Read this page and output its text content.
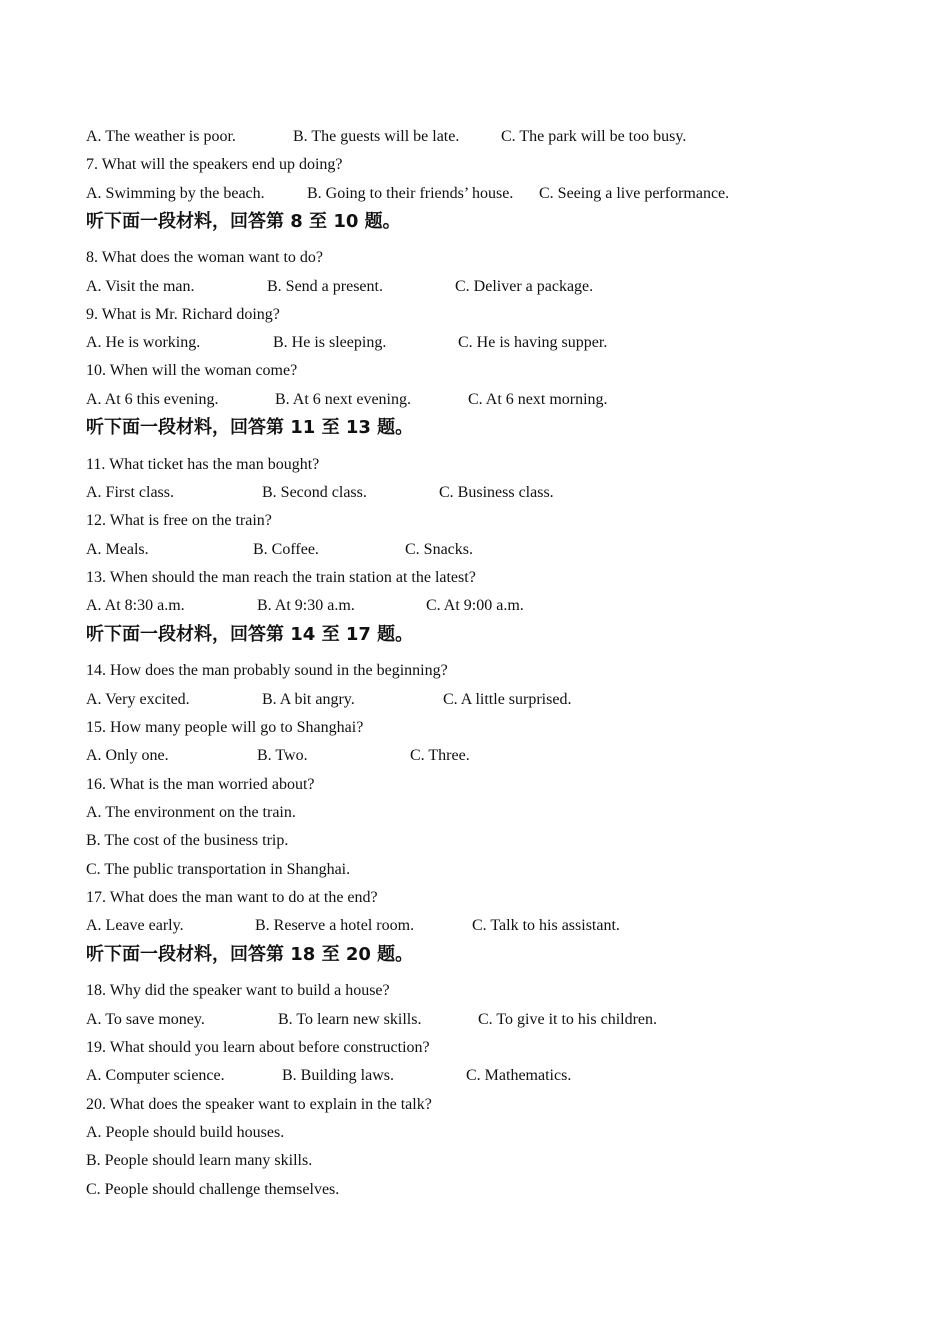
A. The weather is poor.	B. The guests will be late.	C. The park will be too busy.
7. What will the speakers end up doing?
A. Swimming by the beach.	B. Going to their friends’ house. C. Seeing a live performance.
听下面一段材料，回答第 8 至 10 题。
8. What does the woman want to do?
A. Visit the man.	B. Send a present.	C. Deliver a package.
9. What is Mr. Richard doing?
A. He is working.	B. He is sleeping.	C. He is having supper.
10. When will the woman come?
A. At 6 this evening.	B. At 6 next evening.	C. At 6 next morning.
听下面一段材料，回答第 11 至 13 题。
11. What ticket has the man bought?
A. First class.	B. Second class.	C. Business class.
12. What is free on the train?
A. Meals.	B. Coffee.	C. Snacks.
13. When should the man reach the train station at the latest?
A. At 8:30 a.m.	B. At 9:30 a.m.	C. At 9:00 a.m.
听下面一段材料，回答第 14 至 17 题。
14. How does the man probably sound in the beginning?
A. Very excited.	B. A bit angry.	C. A little surprised.
15. How many people will go to Shanghai?
A. Only one.	B. Two.	C. Three.
16. What is the man worried about?
A. The environment on the train.
B. The cost of the business trip.
C. The public transportation in Shanghai.
17. What does the man want to do at the end?
A. Leave early.	B. Reserve a hotel room.	C. Talk to his assistant.
听下面一段材料，回答第 18 至 20 题。
18. Why did the speaker want to build a house?
A. To save money.	B. To learn new skills.	C. To give it to his children.
19. What should you learn about before construction?
A. Computer science.	B. Building laws.	C. Mathematics.
20. What does the speaker want to explain in the talk?
A. People should build houses.
B. People should learn many skills.
C. People should challenge themselves.
